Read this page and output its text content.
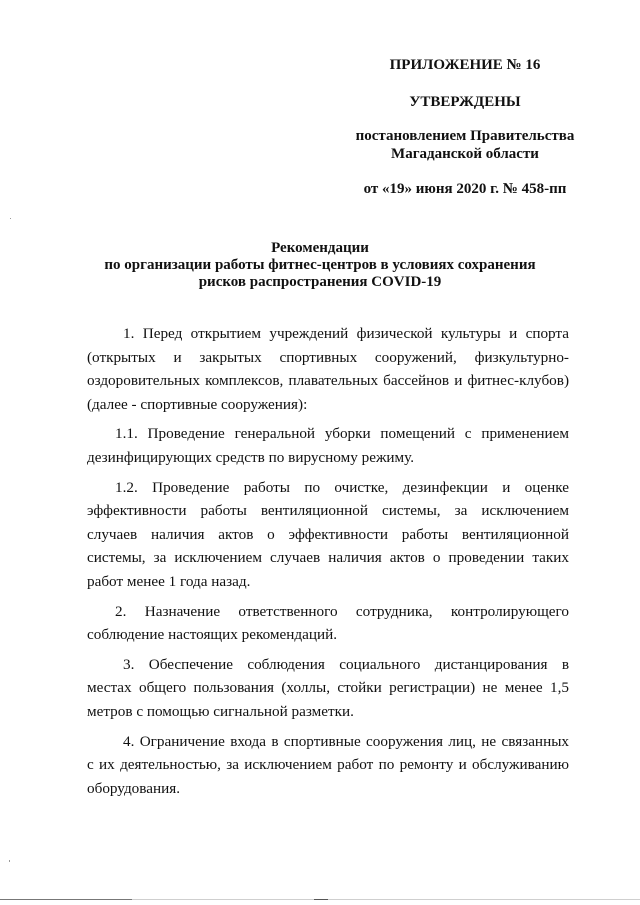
ПРИЛОЖЕНИЕ № 16
УТВЕРЖДЕНЫ
постановлением Правительства
Магаданской области
от «19» июня 2020 г. № 458-пп
Рекомендации
по организации работы фитнес-центров в условиях сохранения
рисков распространения COVID-19
1. Перед открытием учреждений физической культуры и спорта
(открытых и закрытых спортивных сооружений, физкультурно-
оздоровительных комплексов, плавательных бассейнов и фитнес-клубов)
(далее - спортивные сооружения):
1.1. Проведение генеральной уборки помещений с применением
дезинфицирующих средств по вирусному режиму.
1.2. Проведение работы по очистке, дезинфекции и оценке
эффективности работы вентиляционной системы, за исключением
случаев наличия актов о эффективности работы вентиляционной
системы, за исключением случаев наличия актов о проведении таких
работ менее 1 года назад.
2. Назначение ответственного сотрудника, контролирующего
соблюдение настоящих рекомендаций.
3. Обеспечение соблюдения социального дистанцирования в
местах общего пользования (холлы, стойки регистрации) не менее 1,5
метров с помощью сигнальной разметки.
4. Ограничение входа в спортивные сооружения лиц, не связанных
с их деятельностью, за исключением работ по ремонту и обслуживанию
оборудования.
